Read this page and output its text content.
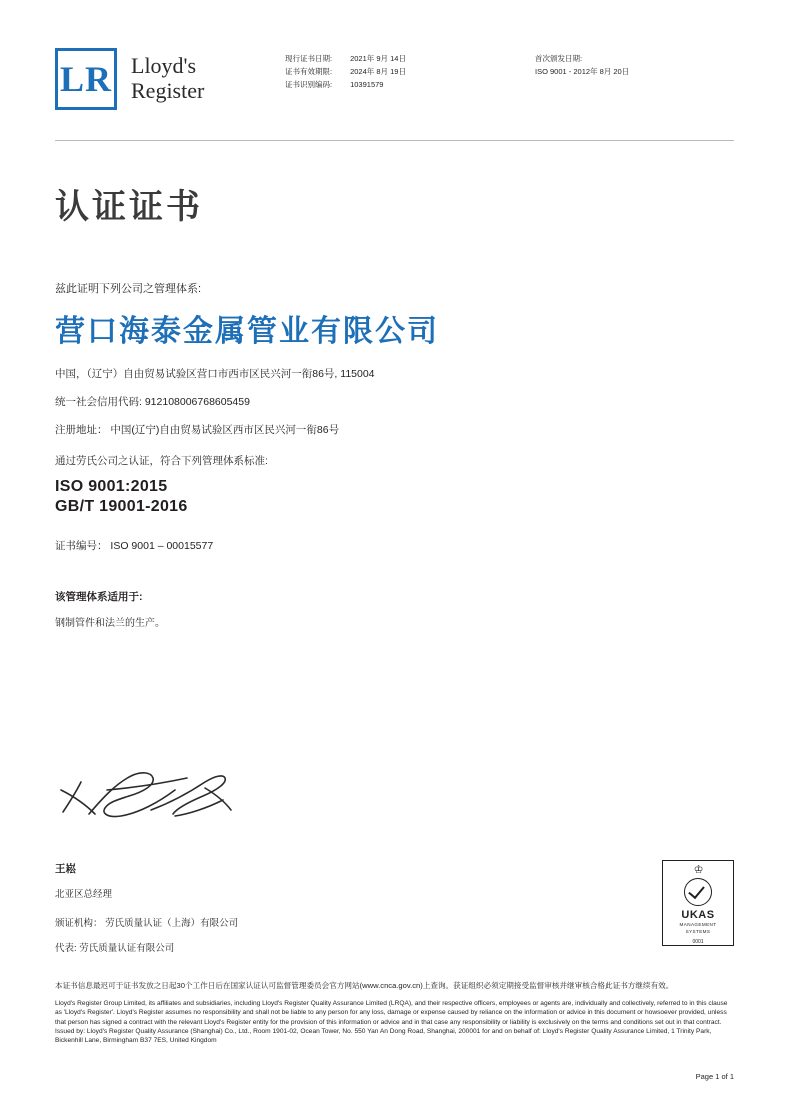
LR Lloyd's
Register
现行证书日期:
证书有效期限:
证书识别编码:
2021年 9月 14日
2024年 8月 19日
10391579
首次颁发日期:
ISO 9001 - 2012年 8月 20日
认证证书
兹此证明下列公司之管理体系:
营口海泰金属管业有限公司
中国，（辽宁）自由贸易试验区营口市西市区民兴河一衔86号, 115004
统一社会信用代码: 912108006768605459
注册地址： 中国(辽宁)自由贸易试验区西市区民兴河一衔86号
通过劳氏公司之认证，符合下列管理体系标准:
ISO 9001:2015
GB/T 19001-2016
证书编号： ISO 9001 – 00015577
该管理体系适用于:
钢制管件和法兰的生产。
王崧
北亚区总经理
颁证机构： 劳氏质量认证（上海）有限公司
代表: 劳氏质量认证有限公司
♔
UKAS
MANAGEMENT
SYSTEMS
0001
本证书信息最迟可于证书发放之日起30个工作日后在国家认证认可监督管理委员会官方网站(www.cnca.gov.cn)上查询。获证组织必须定期接受监督审核并继审核合格此证书方继续有效。
Lloyd's Register Group Limited, its affiliates and subsidiaries, including Lloyd's Register Quality Assurance Limited (LRQA), and their respective officers, employees or agents are, individually and collectively, referred to in this clause as 'Lloyd's Register'. Lloyd's Register assumes no responsibility and shall not be liable to any person for any loss, damage or expense caused by reliance on the information or advice in this document or howsoever provided, unless that person has signed a contract with the relevant Lloyd's Register entity for the provision of this information or advice and in that case any responsibility or liability is exclusively on the terms and conditions set out in that contract. Issued by: Lloyd's Register Quality Assurance (Shanghai) Co., Ltd., Room 1901-02, Ocean Tower, No. 550 Yan An Dong Road, Shanghai, 200001 for and on behalf of: Lloyd's Register Quality Assurance Limited, 1 Trinity Park, Bickenhill Lane, Birmingham B37 7ES, United Kingdom
Page 1 of 1
